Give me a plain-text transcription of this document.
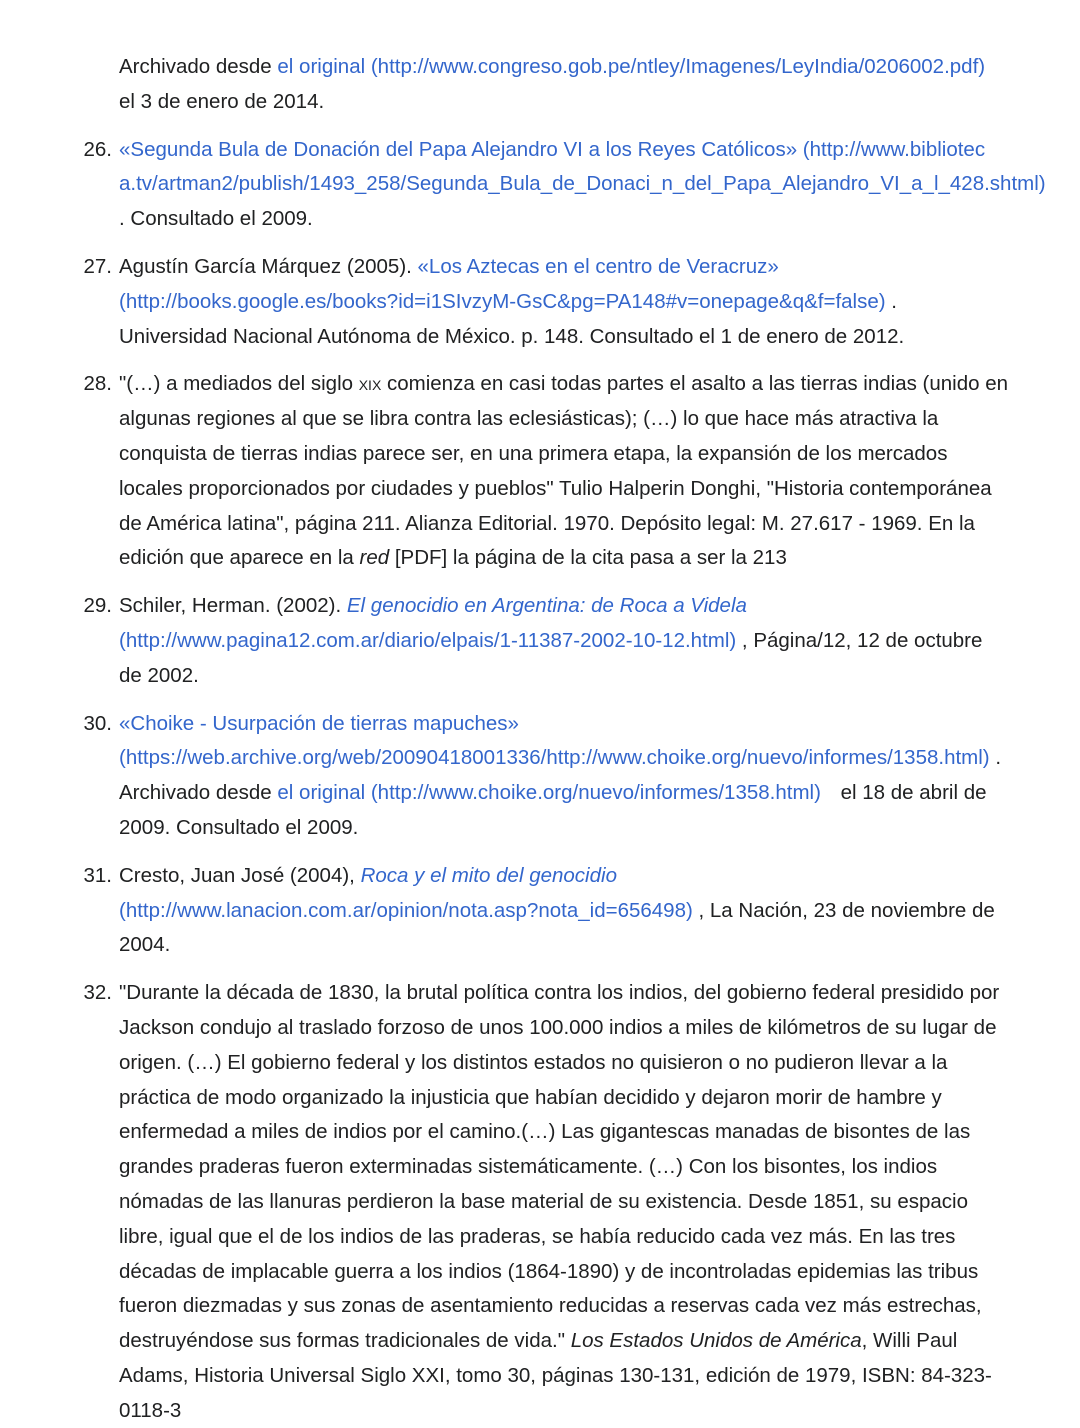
Archivado desde el original (http://www.congreso.gob.pe/ntley/Imagenes/LeyIndia/0206002.pdf) el 3 de enero de 2014.
26. «Segunda Bula de Donación del Papa Alejandro VI a los Reyes Católicos» (http://www.bibliotec a.tv/artman2/publish/1493_258/Segunda_Bula_de_Donaci_n_del_Papa_Alejandro_VI_a_l_428.shtml) . Consultado el 2009.
27. Agustín García Márquez (2005). «Los Aztecas en el centro de Veracruz» (http://books.google.es/books?id=i1SIvzyM-GsC&pg=PA148#v=onepage&q&f=false) . Universidad Nacional Autónoma de México. p. 148. Consultado el 1 de enero de 2012.
28. "(…) a mediados del siglo xix comienza en casi todas partes el asalto a las tierras indias (unido en algunas regiones al que se libra contra las eclesiásticas); (…) lo que hace más atractiva la conquista de tierras indias parece ser, en una primera etapa, la expansión de los mercados locales proporcionados por ciudades y pueblos" Tulio Halperin Donghi, "Historia contemporánea de América latina", página 211. Alianza Editorial. 1970. Depósito legal: M. 27.617 - 1969. En la edición que aparece en la red [PDF] la página de la cita pasa a ser la 213
29. Schiler, Herman. (2002). El genocidio en Argentina: de Roca a Videla (http://www.pagina12.com.ar/diario/elpais/1-11387-2002-10-12.html) , Página/12, 12 de octubre de 2002.
30. «Choike - Usurpación de tierras mapuches» (https://web.archive.org/web/20090418001336/http://www.choike.org/nuevo/informes/1358.html) . Archivado desde el original (http://www.choike.org/nuevo/informes/1358.html) el 18 de abril de 2009. Consultado el 2009.
31. Cresto, Juan José (2004), Roca y el mito del genocidio (http://www.lanacion.com.ar/opinion/nota.asp?nota_id=656498) , La Nación, 23 de noviembre de 2004.
32. "Durante la década de 1830, la brutal política contra los indios, del gobierno federal presidido por Jackson condujo al traslado forzoso de unos 100.000 indios a miles de kilómetros de su lugar de origen. (…) El gobierno federal y los distintos estados no quisieron o no pudieron llevar a la práctica de modo organizado la injusticia que habían decidido y dejaron morir de hambre y enfermedad a miles de indios por el camino.(…) Las gigantescas manadas de bisontes de las grandes praderas fueron exterminadas sistemáticamente. (…) Con los bisontes, los indios nómadas de las llanuras perdieron la base material de su existencia. Desde 1851, su espacio libre, igual que el de los indios de las praderas, se había reducido cada vez más. En las tres décadas de implacable guerra a los indios (1864-1890) y de incontroladas epidemias las tribus fueron diezmadas y sus zonas de asentamiento reducidas a reservas cada vez más estrechas, destruyéndose sus formas tradicionales de vida." Los Estados Unidos de América, Willi Paul Adams, Historia Universal Siglo XXI, tomo 30, páginas 130-131, edición de 1979, ISBN: 84-323-0118-3
